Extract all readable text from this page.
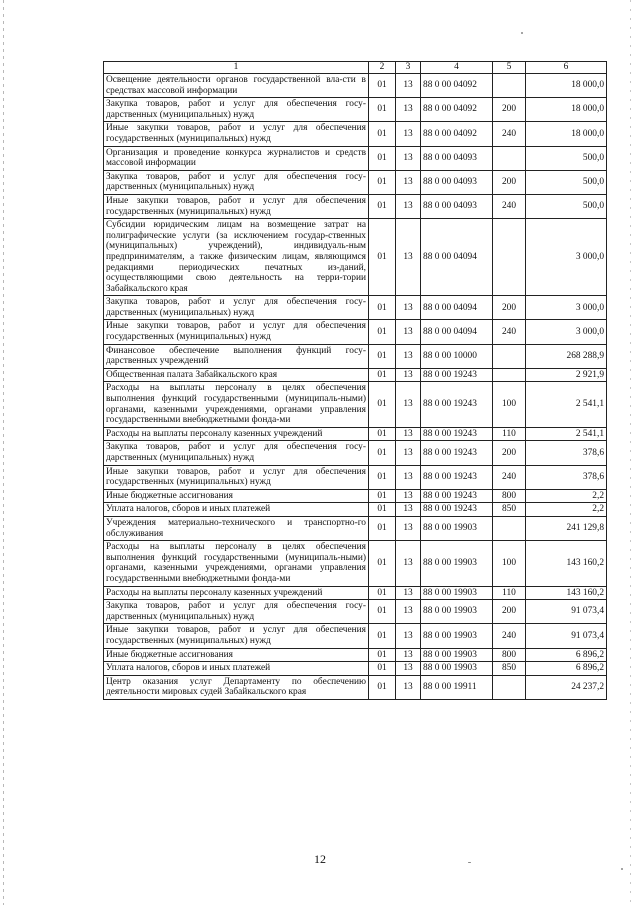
1	2	3	4	5	6
Освещение деятельности органов государственной вла-сти в средствах массовой информации	01	13	88 0 00 04092		18 000,0
Закупка товаров, работ и услуг для обеспечения госу-дарственных (муниципальных) нужд	01	13	88 0 00 04092	200	18 000,0
Иные закупки товаров, работ и услуг для обеспечения государственных (муниципальных) нужд	01	13	88 0 00 04092	240	18 000,0
Организация и проведение конкурса журналистов и средств массовой информации	01	13	88 0 00 04093		500,0
Закупка товаров, работ и услуг для обеспечения госу-дарственных (муниципальных) нужд	01	13	88 0 00 04093	200	500,0
Иные закупки товаров, работ и услуг для обеспечения государственных (муниципальных) нужд	01	13	88 0 00 04093	240	500,0
Субсидии юридическим лицам на возмещение затрат на полиграфические услуги (за исключением государ-ственных (муниципальных) учреждений), индивидуаль-ным предпринимателям, а также физическим лицам, являющимся редакциями периодических печатных из-даний, осуществляющими свою деятельность на терри-тории Забайкальского края	01	13	88 0 00 04094		3 000,0
Закупка товаров, работ и услуг для обеспечения госу-дарственных (муниципальных) нужд	01	13	88 0 00 04094	200	3 000,0
Иные закупки товаров, работ и услуг для обеспечения государственных (муниципальных) нужд	01	13	88 0 00 04094	240	3 000,0
Финансовое обеспечение выполнения функций госу-дарственных учреждений	01	13	88 0 00 10000		268 288,9
Общественная палата Забайкальского края	01	13	88 0 00 19243		2 921,9
Расходы на выплаты персоналу в целях обеспечения выполнения функций государственными (муниципаль-ными) органами, казенными учреждениями, органами управления государственными внебюджетными фонда-ми	01	13	88 0 00 19243	100	2 541,1
Расходы на выплаты персоналу казенных учреждений	01	13	88 0 00 19243	110	2 541,1
Закупка товаров, работ и услуг для обеспечения госу-дарственных (муниципальных) нужд	01	13	88 0 00 19243	200	378,6
Иные закупки товаров, работ и услуг для обеспечения государственных (муниципальных) нужд	01	13	88 0 00 19243	240	378,6
Иные бюджетные ассигнования	01	13	88 0 00 19243	800	2,2
Уплата налогов, сборов и иных платежей	01	13	88 0 00 19243	850	2,2
Учреждения материально-технического и транспортно-го обслуживания	01	13	88 0 00 19903		241 129,8
Расходы на выплаты персоналу в целях обеспечения выполнения функций государственными (муниципаль-ными) органами, казенными учреждениями, органами управления государственными внебюджетными фонда-ми	01	13	88 0 00 19903	100	143 160,2
Расходы на выплаты персоналу казенных учреждений	01	13	88 0 00 19903	110	143 160,2
Закупка товаров, работ и услуг для обеспечения госу-дарственных (муниципальных) нужд	01	13	88 0 00 19903	200	91 073,4
Иные закупки товаров, работ и услуг для обеспечения государственных (муниципальных) нужд	01	13	88 0 00 19903	240	91 073,4
Иные бюджетные ассигнования	01	13	88 0 00 19903	800	6 896,2
Уплата налогов, сборов и иных платежей	01	13	88 0 00 19903	850	6 896,2
Центр оказания услуг Департаменту по обеспечению деятельности мировых судей Забайкальского края	01	13	88 0 00 19911		24 237,2
12
